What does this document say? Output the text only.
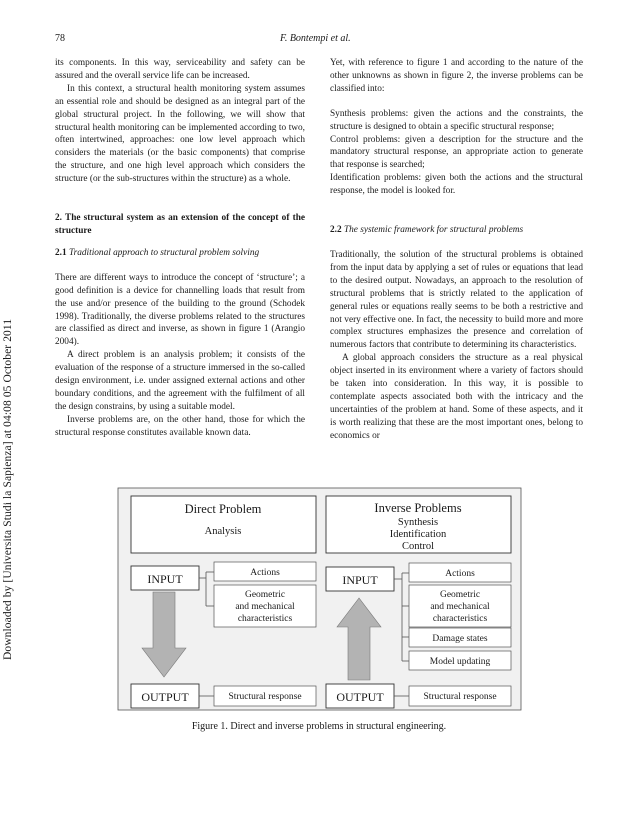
78	F. Bontempi et al.
Downloaded by [Universita Studi la Sapienza] at 04:08 05 October 2011

its components. In this way, serviceability and safety can be assured and the overall service life can be increased.

In this context, a structural health monitoring system assumes an essential role and should be designed as an integral part of the global structural project. In the following, we will show that structural health monitoring can be implemented according to two, often intertwined, approaches: one low level approach which considers the materials (or the basic components) that comprise the structure, and one high level approach which considers the structure (or the sub-structures within the structure) as a whole.

2. The structural system as an extension of the concept of the structure

2.1 Traditional approach to structural problem solving

There are different ways to introduce the concept of ‘structure’; a good definition is a device for channelling loads that result from the use and/or presence of the building to the ground (Schodek 1998). Traditionally, the diverse problems related to the structures are classified as direct and inverse, as shown in figure 1 (Arangio 2004).

A direct problem is an analysis problem; it consists of the evaluation of the response of a structure immersed in the so-called design environment, i.e. under assigned external actions and other boundary conditions, and the agreement with the fulfilment of all the design constrains, by using a suitable model.

Inverse problems are, on the other hand, those for which the structural response constitutes available known data.

Yet, with reference to figure 1 and according to the nature of the other unknowns as shown in figure 2, the inverse problems can be classified into:

Synthesis problems: given the actions and the constraints, the structure is designed to obtain a specific structural response;

Control problems: given a description for the structure and the mandatory structural response, an appropriate action to generate that response is searched;

Identification problems: given both the actions and the structural response, the model is looked for.

2.2 The systemic framework for structural problems

Traditionally, the solution of the structural problems is obtained from the input data by applying a set of rules or equations that lead to the desired output. Nowadays, an approach to the resolution of structural problems that is strictly related to the application of general rules or equations really seems to be both a restrictive and not very effective one. In fact, the necessity to build more and more complex structures emphasizes the presence and correlation of numerous factors that contribute to determining its characteristics.

A global approach considers the structure as a real physical object inserted in its environment where a variety of factors should be taken into consideration. In this way, it is possible to contemplate aspects associated both with the intricacy and the uncertainties of the problem at hand. Some of these aspects, and it is worth realizing that these are the most important ones, belong to economics or

Direct Problem
Analysis
INPUT	Actions
Geometric
and mechanical
characteristics
OUTPUT	Structural response
Inverse Problems
Synthesis
Identification
Control
INPUT	Actions
Geometric
and mechanical
characteristics
Damage states
Model updating
OUTPUT	Structural response
Figure 1. Direct and inverse problems in structural engineering.
